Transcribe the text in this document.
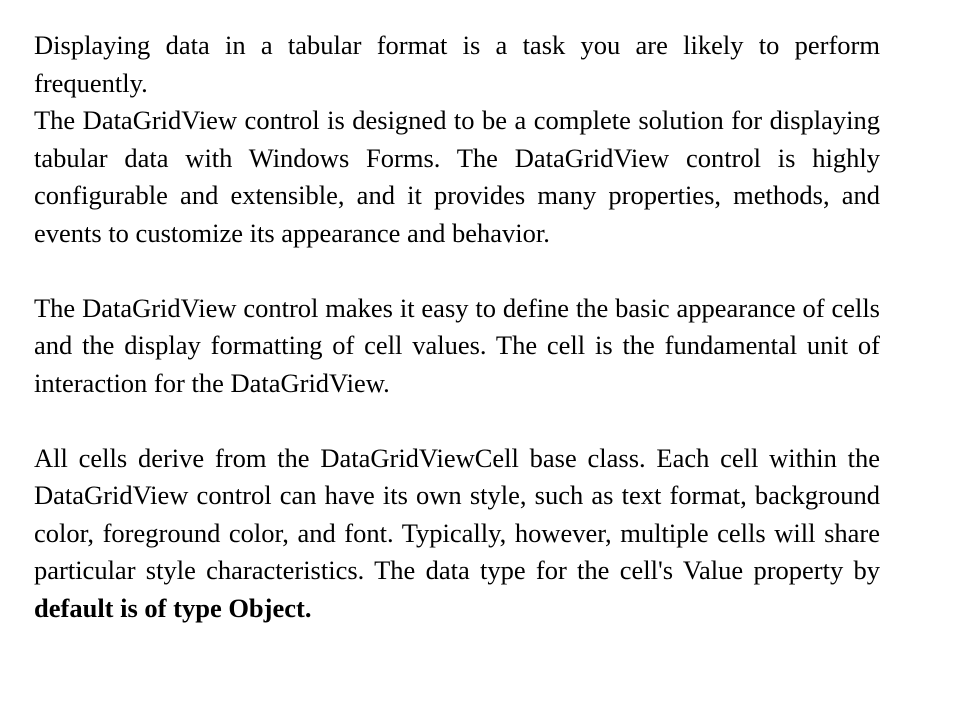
Displaying data in a tabular format is a task you are likely to perform frequently.

The DataGridView control is designed to be a complete solution for displaying tabular data with Windows Forms. The DataGridView control is highly configurable and extensible, and it provides many properties, methods, and events to customize its appearance and behavior.

The DataGridView control makes it easy to define the basic appearance of cells and the display formatting of cell values. The cell is the fundamental unit of interaction for the DataGridView.

All cells derive from the DataGridViewCell base class. Each cell within the DataGridView control can have its own style, such as text format, background color, foreground color, and font. Typically, however, multiple cells will share particular style characteristics. The data type for the cell's Value property by default is of type Object.
